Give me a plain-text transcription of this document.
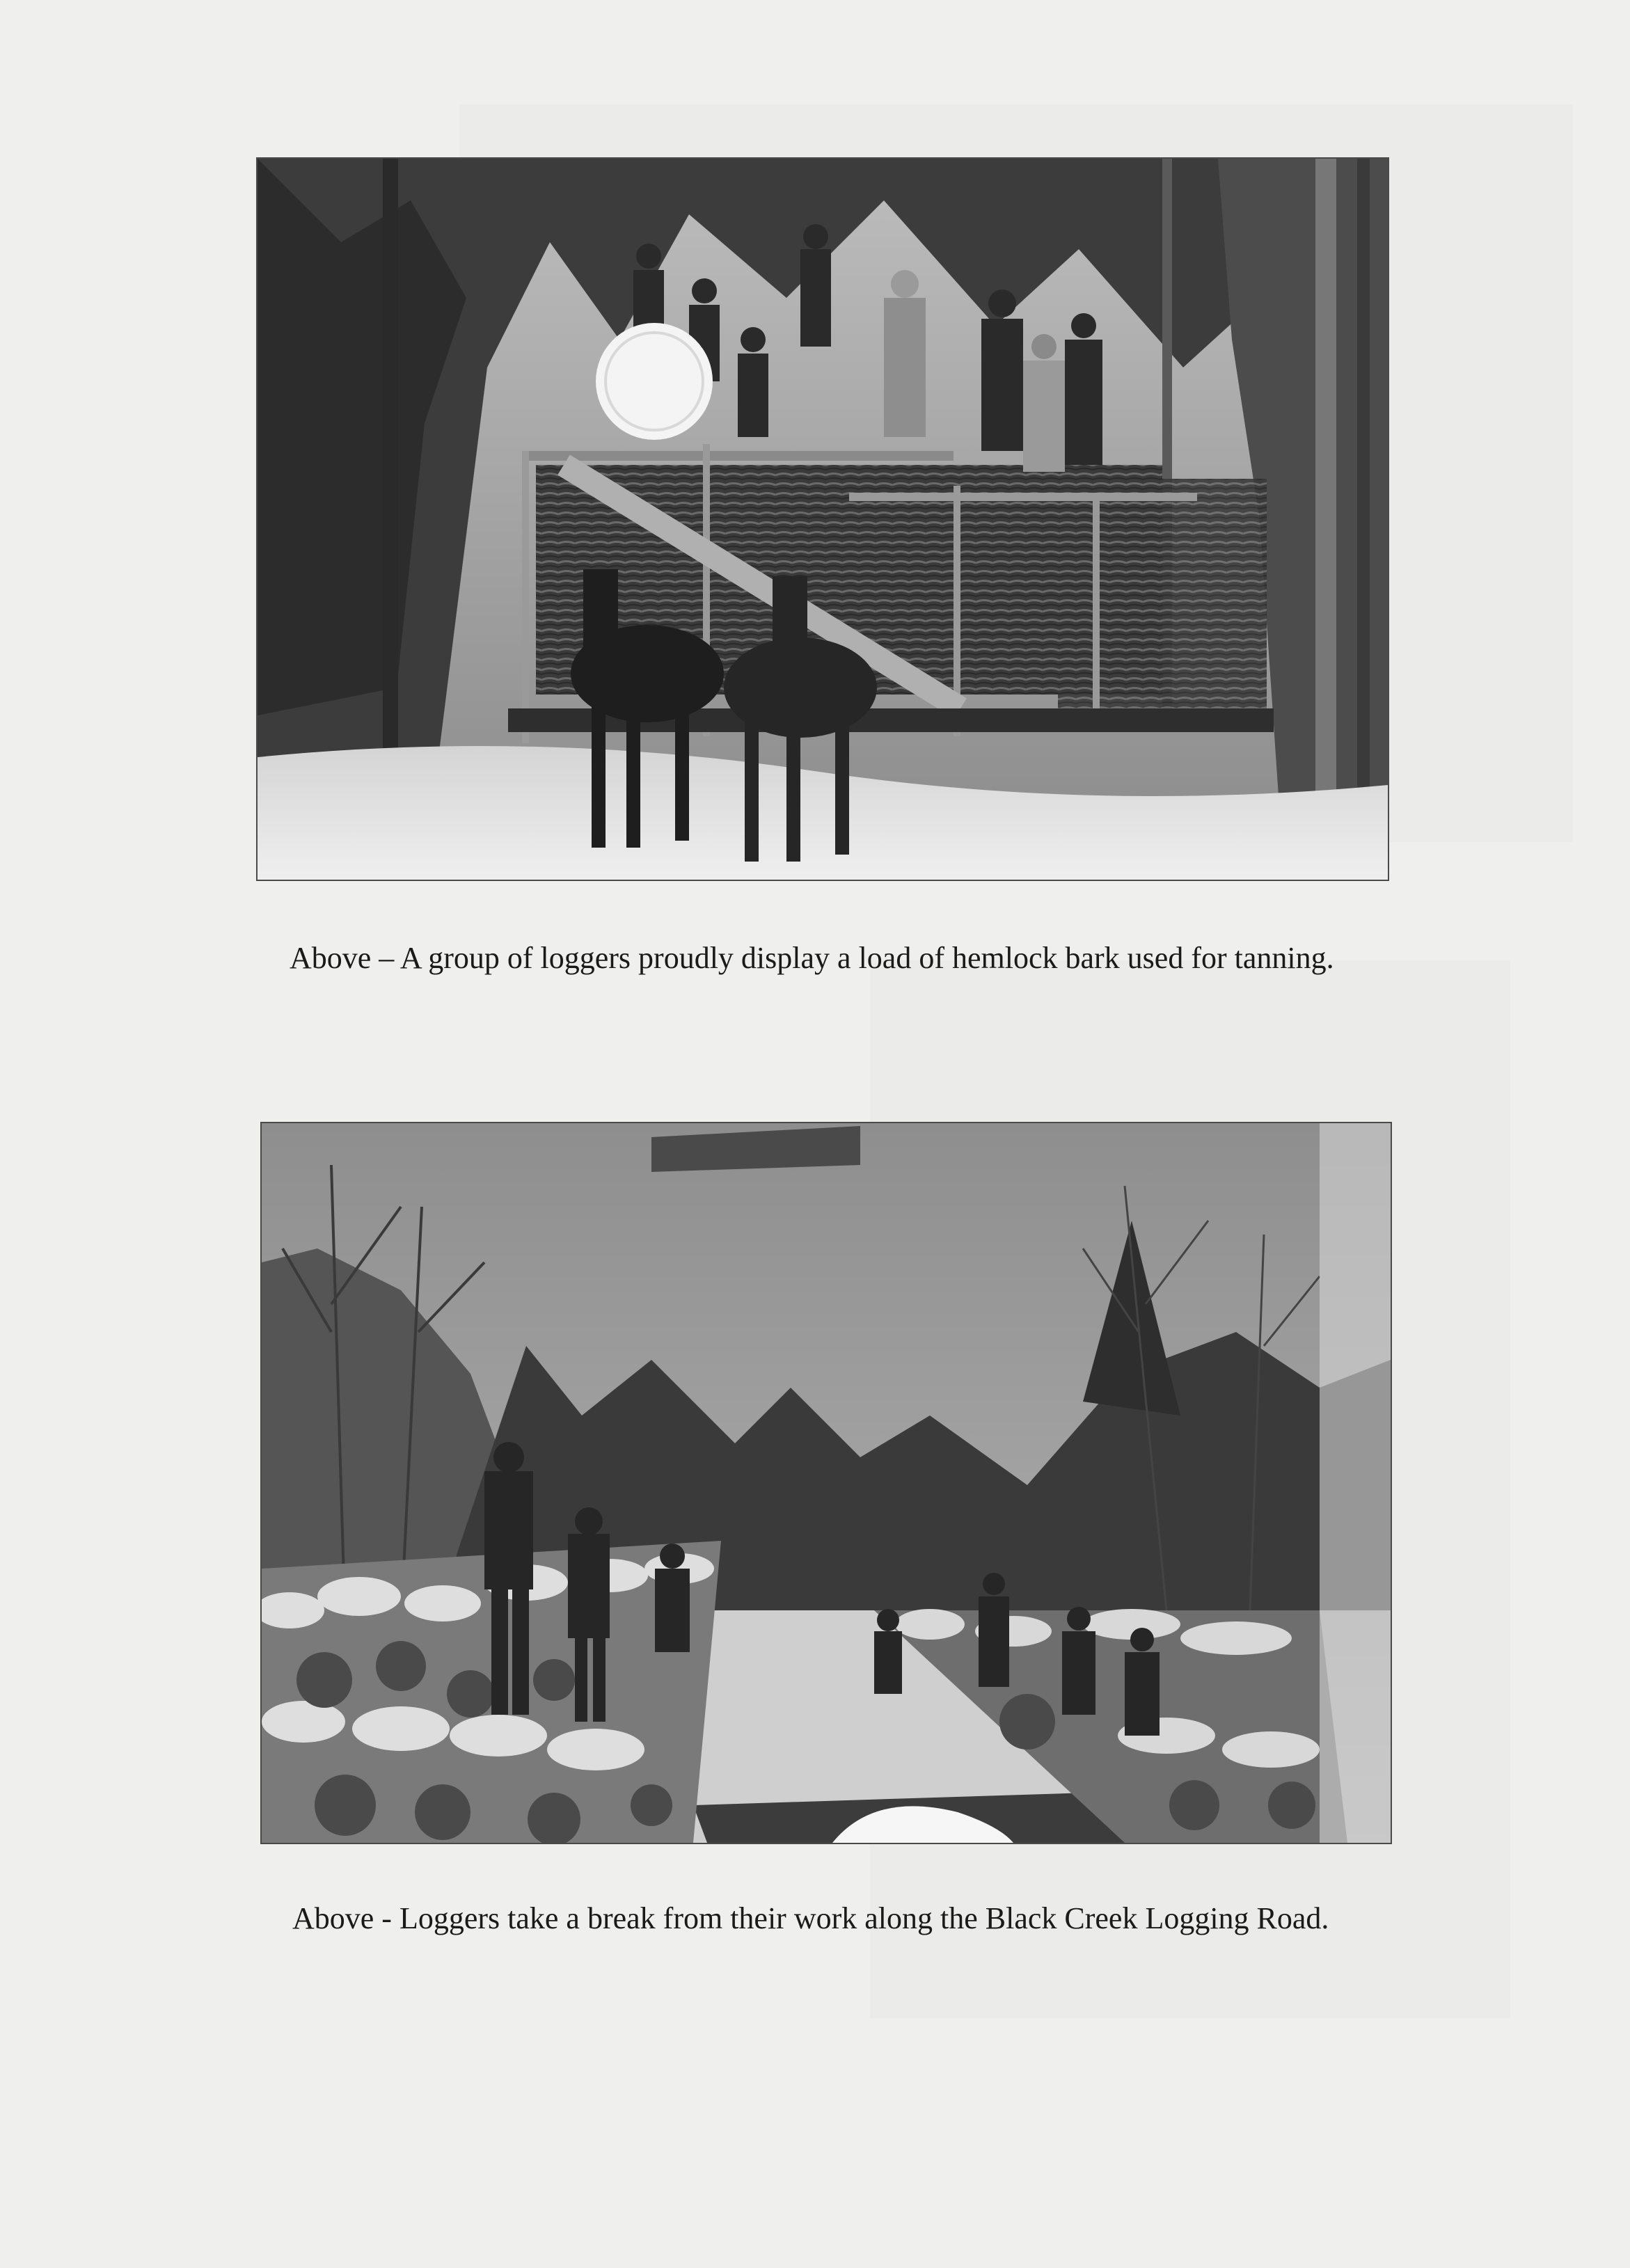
Above – A group of loggers proudly display a load of hemlock bark used for tanning.

Above - Loggers take a break from their work along the Black Creek Logging Road.
